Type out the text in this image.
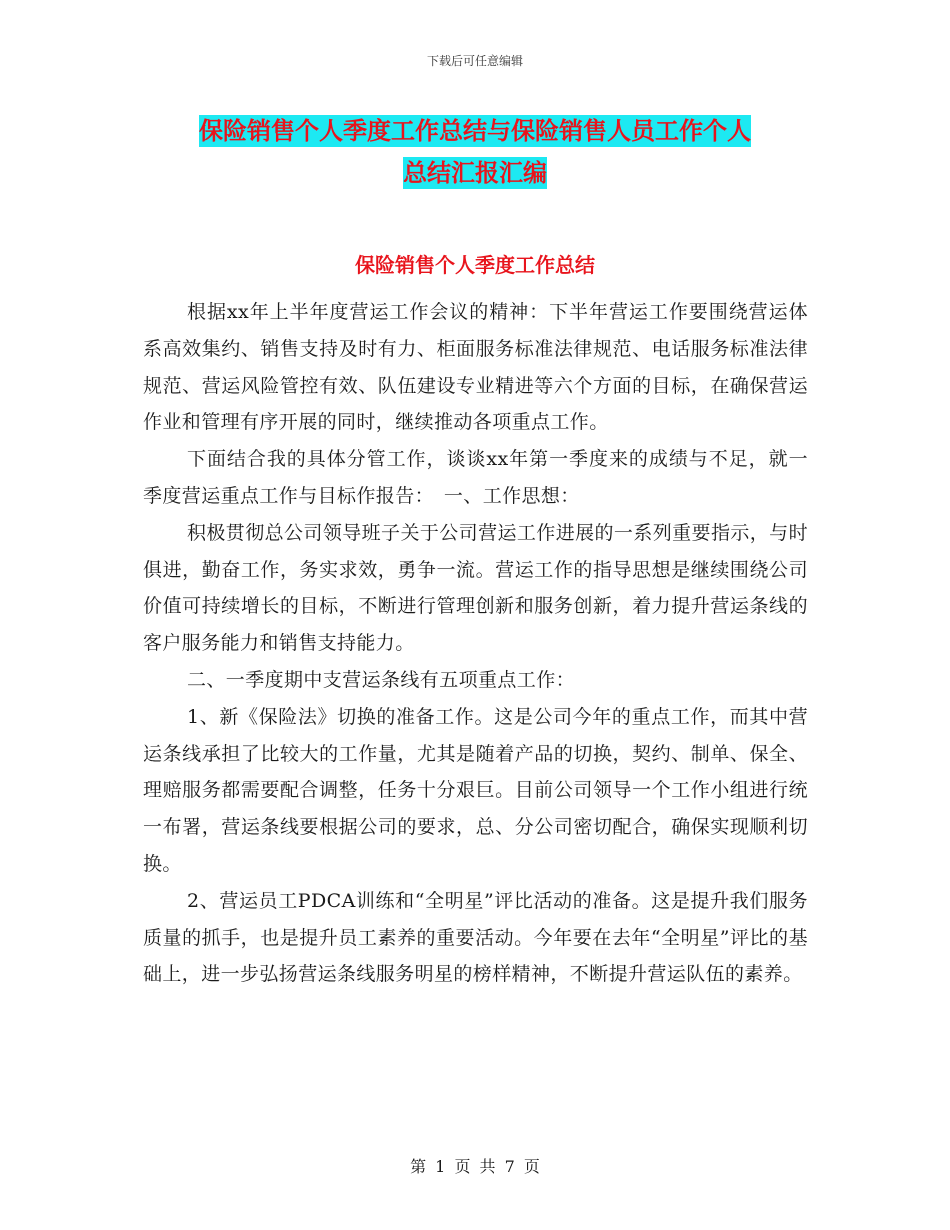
下载后可任意编辑
保险销售个人季度工作总结与保险销售人员工作个人
总结汇报汇编
保险销售个人季度工作总结

根据xx年上半年度营运工作会议的精神：下半年营运工作要围绕营运体系高效集约、销售支持及时有力、柜面服务标准法律规范、电话服务标准法律规范、营运风险管控有效、队伍建设专业精进等六个方面的目标，在确保营运作业和管理有序开展的同时，继续推动各项重点工作。

下面结合我的具体分管工作，谈谈xx年第一季度来的成绩与不足，就一季度营运重点工作与目标作报告：　一、工作思想：

积极贯彻总公司领导班子关于公司营运工作进展的一系列重要指示，与时俱进，勤奋工作，务实求效，勇争一流。营运工作的指导思想是继续围绕公司价值可持续增长的目标，不断进行管理创新和服务创新，着力提升营运条线的客户服务能力和销售支持能力。

二、一季度期中支营运条线有五项重点工作：

1、新《保险法》切换的准备工作。这是公司今年的重点工作，而其中营运条线承担了比较大的工作量，尤其是随着产品的切换，契约、制单、保全、理赔服务都需要配合调整，任务十分艰巨。目前公司领导一个工作小组进行统一布署，营运条线要根据公司的要求，总、分公司密切配合，确保实现顺利切换。

2、营运员工PDCA训练和“全明星”评比活动的准备。这是提升我们服务质量的抓手，也是提升员工素养的重要活动。今年要在去年“全明星”评比的基础上，进一步弘扬营运条线服务明星的榜样精神，不断提升营运队伍的素养。

第 1 页 共 7 页
